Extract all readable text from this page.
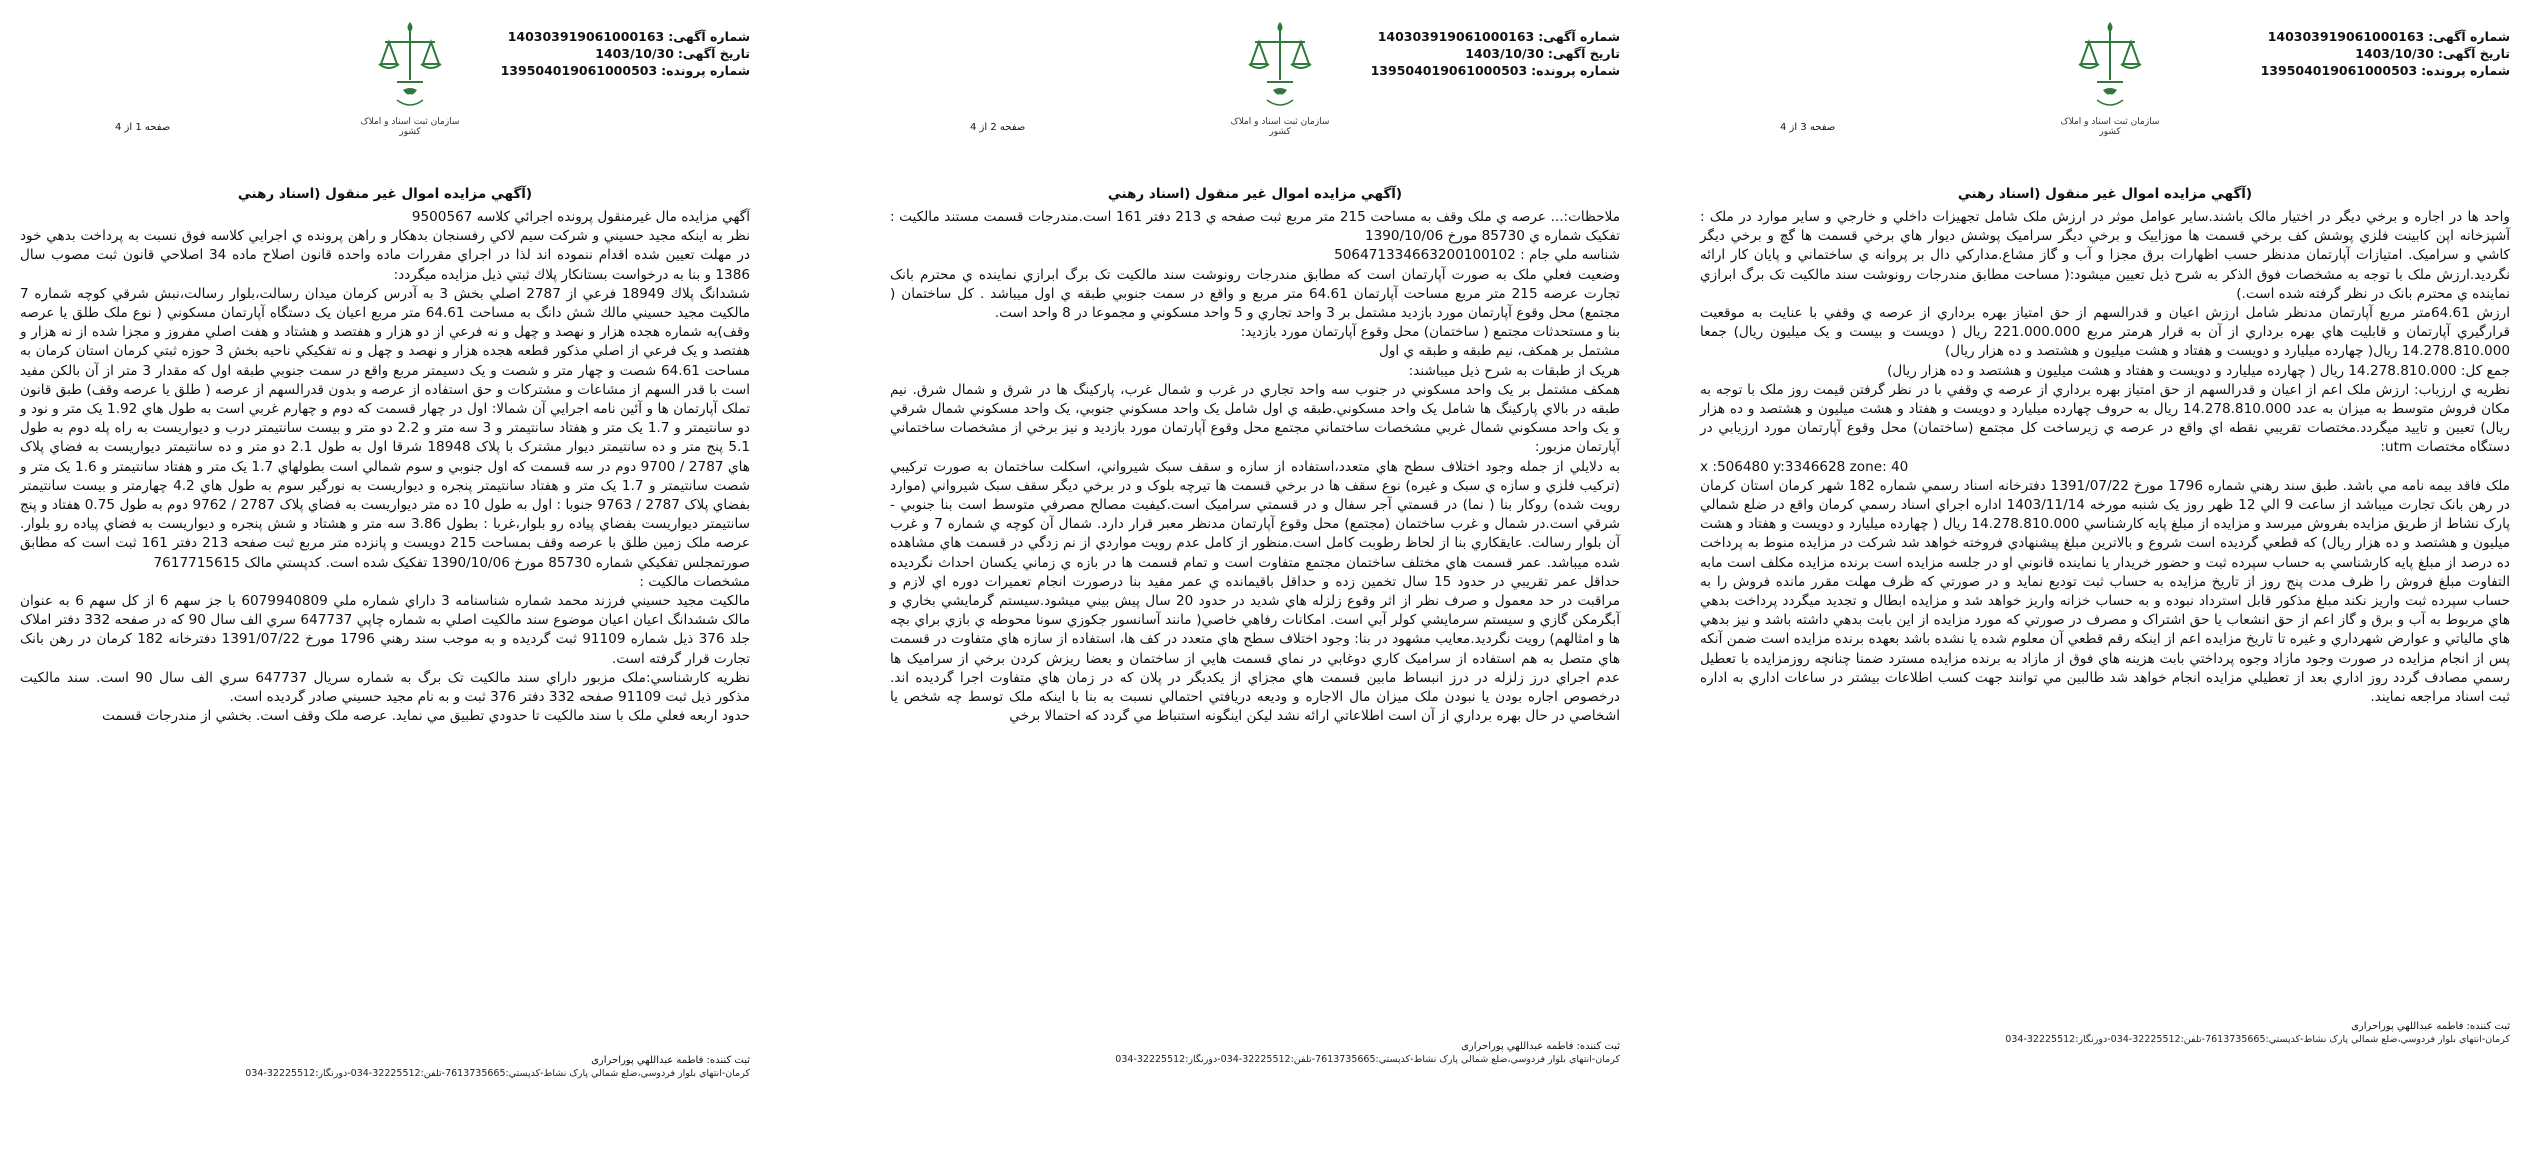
شماره آگهی:140303919061000163
تاریخ آگهی:1403/10/30
شماره پرونده:139504019061000503
سازمان ثبت اسناد و املاک کشور
صفحه 1 از 4
(آگهي مزايده اموال غير منقول (اسناد رهني

آگهي مزايده مال غيرمنقول پرونده اجرائي كلاسه 9500567

نظر به اينكه مجيد حسيني و شركت سيم لاكي رفسنجان بدهكار و راهن پرونده ي اجرايي كلاسه فوق نسبت به پرداخت بدهي خود در مهلت تعيين شده اقدام ننموده اند لذا در اجراي مقررات ماده واحده قانون اصلاح ماده 34 اصلاحي قانون ثبت مصوب سال 1386 و بنا به درخواست بستانكار پلاك ثبتي ذيل مزايده ميگردد:

ششدانگ پلاك 18949 فرعي از 2787 اصلي بخش 3 به آدرس كرمان ميدان رسالت،بلوار رسالت،نبش شرقي كوچه شماره 7 مالكيت مجيد حسيني مالك شش دانگ به مساحت 64.61 متر مربع اعيان يک دستگاه آپارتمان مسكوني ( نوع ملک طلق يا عرصه وقف)به شماره هجده هزار و نهصد و چهل و نه فرعي از دو هزار و هفتصد و هشتاد و هفت اصلي مفروز و مجزا شده از نه هزار و هفتصد و يک فرعي از اصلي مذكور قطعه هجده هزار و نهصد و چهل و نه تفكيکي ناحيه بخش 3 حوزه ثبتي كرمان استان كرمان به مساحت 64.61 شصت و چهار متر و شصت و يک دسيمتر مربع واقع در سمت جنوبي طبقه اول كه مقدار 3 متر از آن بالكن مفيد است با قدر السهم از مشاعات و مشتركات و حق استفاده از عرصه و بدون قدرالسهم از عرصه ( طلق يا عرصه وقف) طبق قانون تملک آپارتمان ها و آئين نامه اجرايي آن شمالا: اول در چهار قسمت كه دوم و چهارم غربي است به طول هاي 1.92 يک متر و نود و دو سانتيمتر و 1.7 يک متر و هفتاد سانتيمتر و 3 سه متر و 2.2 دو متر و بيست سانتيمتر درب و ديواريست به راه پله دوم به طول 5.1 پنج متر و ده سانتيمتر ديوار مشترک با پلاک 18948 شرقا اول به طول 2.1 دو متر و ده سانتيمتر ديواريست به فضاي پلاک هاي 2787 / 9700 دوم در سه قسمت كه اول جنوبي و سوم شمالي است بطولهاي 1.7 يک متر و هفتاد سانتيمتر و 1.6 يک متر و شصت سانتيمتر و 1.7 يک متر و هفتاد سانتيمتر پنجره و ديواريست به نورگير سوم به طول هاي 4.2 چهارمتر و بيست سانتيمتر بفضاي پلاک 2787 / 9763 جنوبا : اول به طول 10 ده متر ديواريست به فضاي پلاک 2787 / 9762 دوم به طول 0.75 هفتاد و پنج سانتيمتر ديواريست بفضاي پياده رو بلوار،غربا : بطول 3.86 سه متر و هشتاد و شش پنجره و ديواريست به فضاي پياده رو بلوار. عرصه ملک زمين طلق با عرصه وقف بمساحت 215 دويست و پانزده متر مربع ثبت صفحه 213 دفتر 161 ثبت است كه مطابق صورتمجلس تفكيكي شماره 85730 مورخ 1390/10/06 تفكيک شده است. كدپستي مالک 7617715615

مشخصات مالكيت :

مالكيت مجيد حسيني فرزند محمد شماره شناسنامه 3 داراي شماره ملي 6079940809 با جز سهم 6 از كل سهم 6 به عنوان مالک ششدانگ اعيان اعيان موضوع سند مالكيت اصلي به شماره چاپي 647737 سري الف سال 90 كه در صفحه 332 دفتر املاک جلد 376 ذيل شماره 91109 ثبت گرديده و به موجب سند رهني 1796 مورخ 1391/07/22 دفترخانه 182 كرمان در رهن بانک تجارت قرار گرفته است.

نظريه كارشناسي:ملک مزبور داراي سند مالكيت تک برگ به شماره سريال 647737 سري الف سال 90 است. سند مالكيت مذكور ذيل ثبت 91109 صفحه 332 دفتر 376 ثبت و به نام مجيد حسيني صادر گرديده است.

حدود اربعه فعلي ملک با سند مالكيت تا حدودي تطبيق مي نمايد. عرصه ملک وقف است. بخشي از مندرجات قسمت

ثبت كننده: فاطمه عبداللهي پوراحراری
كرمان-انتهاي بلوار فردوسي،ضلع شمالي پارک نشاط-كدپستي:7613735665-تلفن:32225512-034-دورنگار:32225512-034
شماره آگهی:140303919061000163
تاریخ آگهی:1403/10/30
شماره پرونده:139504019061000503
سازمان ثبت اسناد و املاک کشور
صفحه 2 از 4
(آگهي مزايده اموال غير منقول (اسناد رهني

ملاحظات:... عرصه ي ملک وقف به مساحت 215 متر مربع ثبت صفحه ي 213 دفتر 161 است.مندرجات قسمت مستند مالكيت : تفكيک شماره ي 85730 مورخ 1390/10/06

شناسه ملي جام : 506471334663200100102

وضعيت فعلي ملک به صورت آپارتمان است كه مطابق مندرجات رونوشت سند مالكيت تک برگ ابرازي نماينده ي محترم بانک تجارت عرصه 215 متر مربع مساحت آپارتمان 64.61 متر مربع و واقع در سمت جنوبي طبقه ي اول ميباشد . كل ساختمان ( مجتمع) محل وقوع آپارتمان مورد بازديد مشتمل بر 3 واحد تجاري و 5 واحد مسكوني و مجموعا در 8 واحد است.

بنا و مستحدثات مجتمع ( ساختمان) محل وقوع آپارتمان مورد بازديد:

مشتمل بر همكف، نيم طبقه و طبقه ي اول

هريک از طبقات به شرح ذيل ميباشند:

همكف مشتمل بر يک واحد مسكوني در جنوب سه واحد تجاري در غرب و شمال غرب، پاركينگ ها در شرق و شمال شرق. نيم طبقه در بالاي پاركينگ ها شامل يک واحد مسكوني.طبقه ي اول شامل يک واحد مسكوني جنوبي، يک واحد مسكوني شمال شرقي و يک واحد مسكوني شمال غربي مشخصات ساختماني مجتمع محل وقوع آپارتمان مورد بازديد و نيز برخي از مشخصات ساختماني آپارتمان مزبور:

به دلايلي از جمله وجود اختلاف سطح هاي متعدد،استفاده از سازه و سقف سبک شيرواني، اسكلت ساختمان به صورت تركيبي (تركيب فلزي و سازه ي سبک و غيره) نوع سقف ها در برخي قسمت ها تيرچه بلوک و در برخي ديگر سقف سبک شيرواني (موارد رويت شده) روكار بنا ( نما) در قسمتي آجر سفال و در قسمتي سراميک است.كيفيت مصالح مصرفي متوسط است بنا جنوبي - شرقي است.در شمال و غرب ساختمان (مجتمع) محل وقوع آپارتمان مدنظر معبر قرار دارد. شمال آن كوچه ي شماره 7 و غرب آن بلوار رسالت. عايقكاري بنا از لحاظ رطوبت كامل است.منظور از كامل عدم رويت مواردي از نم زدگي در قسمت هاي مشاهده شده ميباشد. عمر قسمت هاي مختلف ساختمان مجتمع متفاوت است و تمام قسمت ها در بازه ي زماني يكسان احداث نگرديده حداقل عمر تقريبي در حدود 15 سال تخمين زده و حداقل باقيمانده ي عمر مفيد بنا درصورت انجام تعميرات دوره اي لازم و مراقبت در حد معمول و صرف نظر از اثر وقوع زلزله هاي شديد در حدود 20 سال پيش بيني ميشود.سيستم گرمايشي بخاري و آبگرمكن گازي و سيستم سرمايشي كولر آبي است. امكانات رفاهي خاصي( مانند آسانسور جكوزي سونا محوطه ي بازي براي بچه ها و امثالهم) رويت نگرديد.معايب مشهود در بنا: وجود اختلاف سطح هاي متعدد در كف ها، استفاده از سازه هاي متفاوت در قسمت هاي متصل به هم استفاده از سراميک كاري دوغابي در نماي قسمت هايي از ساختمان و بعضا ريزش كردن برخي از سراميک ها عدم اجراي درز زلزله در درز انبساط مابين قسمت هاي مجزاي از يكديگر در پلان كه در زمان هاي متفاوت اجرا گرديده اند. درخصوص اجاره بودن يا نبودن ملک ميزان مال الاجاره و وديعه دريافتي احتمالي نسبت به بنا با اينكه ملک توسط چه شخص يا اشخاصي در حال بهره برداري از آن است اطلاعاتي ارائه نشد ليكن اينگونه استنباط مي گردد كه احتمالا برخي

ثبت كننده: فاطمه عبداللهي پوراحراری
كرمان-انتهاي بلوار فردوسي،ضلع شمالي پارک نشاط-كدپستي:7613735665-تلفن:32225512-034-دورنگار:32225512-034
شماره آگهی:140303919061000163
تاریخ آگهی:1403/10/30
شماره پرونده:139504019061000503
سازمان ثبت اسناد و املاک کشور
صفحه 3 از 4
(آگهي مزايده اموال غير منقول (اسناد رهني

واحد ها در اجاره و برخي ديگر در اختيار مالک باشند.ساير عوامل موثر در ارزش ملک شامل تجهيزات داخلي و خارجي و ساير موارد در ملک : آشپزخانه اپن كابينت فلزي پوشش كف برخي قسمت ها موزاييک و برخي ديگر سراميک پوشش ديوار هاي برخي قسمت ها گچ و برخي ديگر كاشي و سراميک. امتيازات آپارتمان مدنظر حسب اظهارات برق مجزا و آب و گاز مشاع.مداركي دال بر پروانه ي ساختماني و پايان كار ارائه نگرديد.ارزش ملک با توجه به مشخصات فوق الذكر به شرح ذيل تعيين ميشود:( مساحت مطابق مندرجات رونوشت سند مالكيت تک برگ ابرازي نماينده ي محترم بانک در نظر گرفته شده است.)

ارزش 64.61متر مربع آپارتمان مدنظر شامل ارزش اعيان و قدرالسهم از حق امتياز بهره برداري از عرصه ي وقفي با عنايت به موقعيت قرارگيري آپارتمان و قابليت هاي بهره برداري از آن به قرار هرمتر مربع 221.000.000 ريال ( دويست و بيست و يک ميليون ريال) جمعا 14.278.810.000 ريال( چهارده ميليارد و دويست و هفتاد و هشت ميليون و هشتصد و ده هزار ريال)

جمع كل: 14.278.810.000 ريال ( چهارده ميليارد و دويست و هفتاد و هشت ميليون و هشتصد و ده هزار ريال)

نظريه ي ارزياب: ارزش ملک اعم از اعيان و قدرالسهم از حق امتياز بهره برداري از عرصه ي وقفي با در نظر گرفتن قيمت روز ملک با توجه به مكان فروش متوسط به ميزان به عدد 14.278.810.000 ريال به حروف چهارده ميليارد و دويست و هفتاد و هشت ميليون و هشتصد و ده هزار ريال) تعيين و تاييد ميگردد.مختصات تقريبي نقطه اي واقع در عرصه ي زيرساخت كل مجتمع (ساختمان) محل وقوع آپارتمان مورد ارزيابي در دستگاه مختصات utm:

x :506480 y:3346628 zone: 40

ملک فاقد بيمه نامه مي باشد. طبق سند رهني شماره 1796 مورخ 1391/07/22 دفترخانه اسناد رسمي شماره 182 شهر كرمان استان كرمان در رهن بانک تجارت ميباشد از ساعت 9 الي 12 ظهر روز يک شنبه مورخه 1403/11/14 اداره اجراي اسناد رسمي كرمان واقع در ضلع شمالي پارک نشاط از طريق مزايده بفروش ميرسد و مزايده از مبلغ پايه كارشناسي 14.278.810.000 ريال ( چهارده ميليارد و دويست و هفتاد و هشت ميليون و هشتصد و ده هزار ريال) كه قطعي گرديده است شروع و بالاترين مبلغ پيشنهادي فروخته خواهد شد شركت در مزايده منوط به پرداخت ده درصد از مبلغ پايه كارشناسي به حساب سپرده ثبت و حضور خريدار يا نماينده قانوني او در جلسه مزايده است برنده مزايده مكلف است مابه التفاوت مبلغ فروش را ظرف مدت پنج روز از تاريخ مزايده به حساب ثبت توديع نمايد و در صورتي كه ظرف مهلت مقرر مانده فروش را به حساب سپرده ثبت واريز نكند مبلغ مذكور قابل استرداد نبوده و به حساب خزانه واريز خواهد شد و مزايده ابطال و تجديد ميگردد پرداخت بدهي هاي مربوط به آب و برق و گاز اعم از حق انشعاب يا حق اشتراک و مصرف در صورتي كه مورد مزايده از اين بابت بدهي داشته باشد و نيز بدهي هاي مالياتي و عوارض شهرداري و غيره تا تاريخ مزايده اعم از اينكه رقم قطعي آن معلوم شده يا نشده باشد بعهده برنده مزايده است ضمن آنكه پس از انجام مزايده در صورت وجود مازاد وجوه پرداختي بابت هزينه هاي فوق از مازاد به برنده مزايده مسترد ضمنا چنانچه روزمزايده با تعطيل رسمي مصادف گردد روز اداري بعد از تعطيلي مزايده انجام خواهد شد طالبين مي توانند جهت كسب اطلاعات بيشتر در ساعات اداري به اداره ثبت اسناد مراجعه نمايند.

ثبت كننده: فاطمه عبداللهي پوراحراری
كرمان-انتهاي بلوار فردوسي،ضلع شمالي پارک نشاط-كدپستي:7613735665-تلفن:32225512-034-دورنگار:32225512-034
